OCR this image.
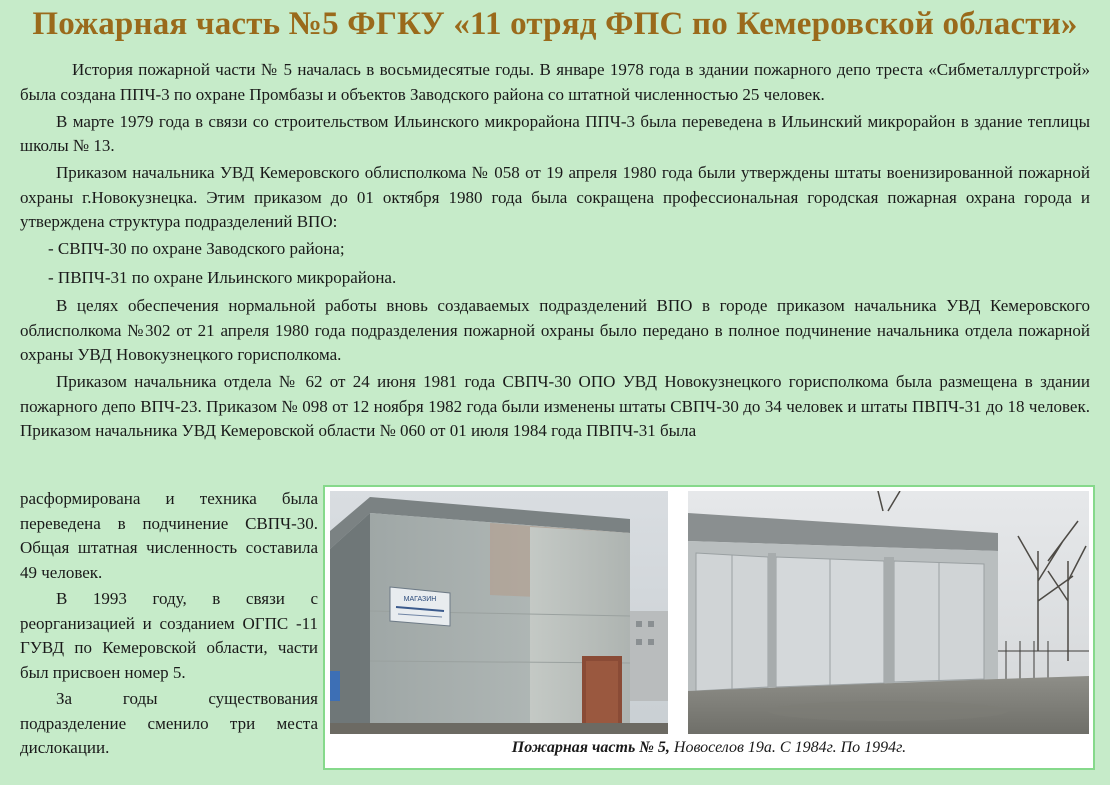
Пожарная часть №5 ФГКУ «11 отряд ФПС по Кемеровской области»

История пожарной части № 5 началась в восьмидесятые годы. В январе 1978 года в здании пожарного депо треста «Сибметаллургстрой» была создана ППЧ-3 по охране Промбазы и объектов Заводского района со штатной численностью 25 человек.

В марте 1979 года в связи со строительством Ильинского микрорайона ППЧ-3 была переведена в Ильинский микрорайон в здание теплицы школы № 13.

Приказом начальника УВД Кемеровского облисполкома № 058 от 19 апреля 1980 года были утверждены штаты военизированной пожарной охраны г.Новокузнецка. Этим приказом до 01 октября 1980 года была сокращена профессиональная городская пожарная охрана города и утверждена структура подразделений ВПО:

- СВПЧ-30 по охране Заводского района;

- ПВПЧ-31 по охране Ильинского микрорайона.

В целях обеспечения нормальной работы вновь создаваемых подразделений ВПО в городе приказом начальника УВД Кемеровского облисполкома №302 от 21 апреля 1980 года подразделения пожарной охраны было передано в полное подчинение начальника отдела пожарной охраны УВД Новокузнецкого горисполкома.

Приказом начальника отдела № 62 от 24 июня 1981 года СВПЧ-30 ОПО УВД Новокузнецкого горисполкома была размещена в здании пожарного депо ВПЧ-23. Приказом № 098 от 12 ноября 1982 года были изменены штаты СВПЧ-30 до 34 человек и штаты ПВПЧ-31 до 18 человек. Приказом начальника УВД Кемеровской области № 060 от 01 июля 1984 года ПВПЧ-31 была

расформирована и техника была переведена в подчинение СВПЧ-30. Общая штатная численность составила 49 человек.

В 1993 году, в связи с реорганизацией и созданием ОГПС -11 ГУВД по Кемеровской области, части был присвоен номер 5.

За годы существования подразделение сменило три места дислокации.

МАГАЗИН
Пожарная часть № 5, Новоселов 19а. С 1984г. По 1994г.
